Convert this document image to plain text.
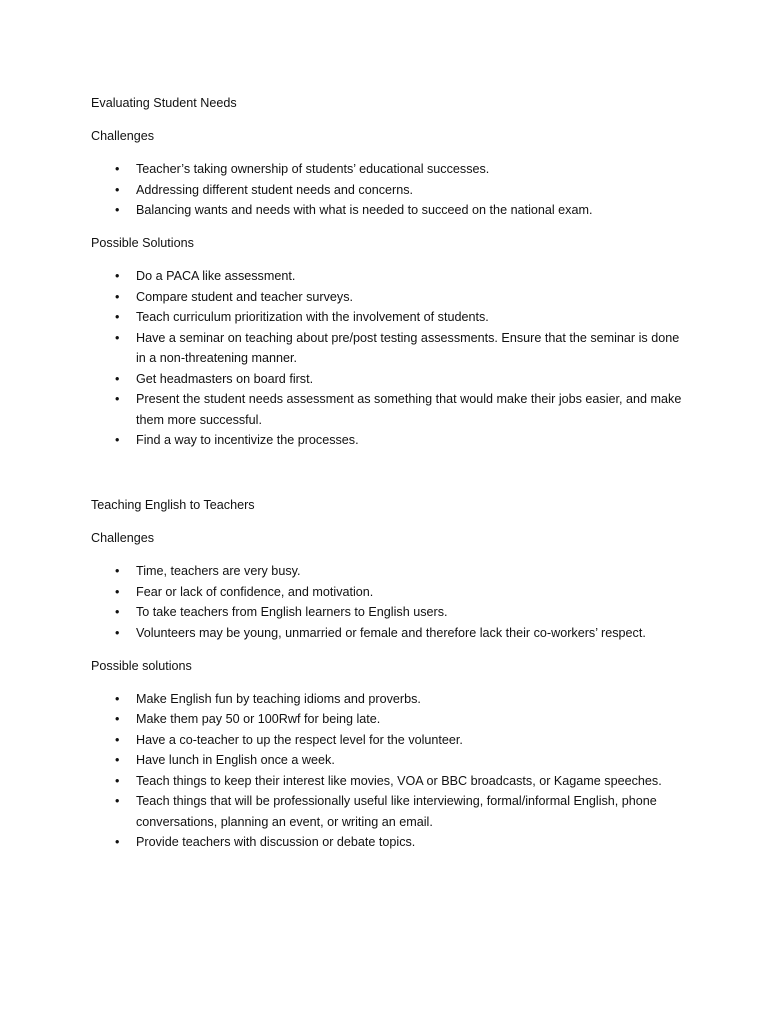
Evaluating Student Needs

Challenges

• Teacher’s taking ownership of students’ educational successes.
• Addressing different student needs and concerns.
• Balancing wants and needs with what is needed to succeed on the national exam.

Possible Solutions

• Do a PACA like assessment.
• Compare student and teacher surveys.
• Teach curriculum prioritization with the involvement of students.
• Have a seminar on teaching about pre/post testing assessments. Ensure that the seminar is done in a non-threatening manner.
• Get headmasters on board first.
• Present the student needs assessment as something that would make their jobs easier, and make them more successful.
• Find a way to incentivize the processes.

Teaching English to Teachers

Challenges

• Time, teachers are very busy.
• Fear or lack of confidence, and motivation.
• To take teachers from English learners to English users.
• Volunteers may be young, unmarried or female and therefore lack their co-workers’ respect.

Possible solutions

• Make English fun by teaching idioms and proverbs.
• Make them pay 50 or 100Rwf for being late.
• Have a co-teacher to up the respect level for the volunteer.
• Have lunch in English once a week.
• Teach things to keep their interest like movies, VOA or BBC broadcasts, or Kagame speeches.
• Teach things that will be professionally useful like interviewing, formal/informal English, phone conversations, planning an event, or writing an email.
• Provide teachers with discussion or debate topics.
